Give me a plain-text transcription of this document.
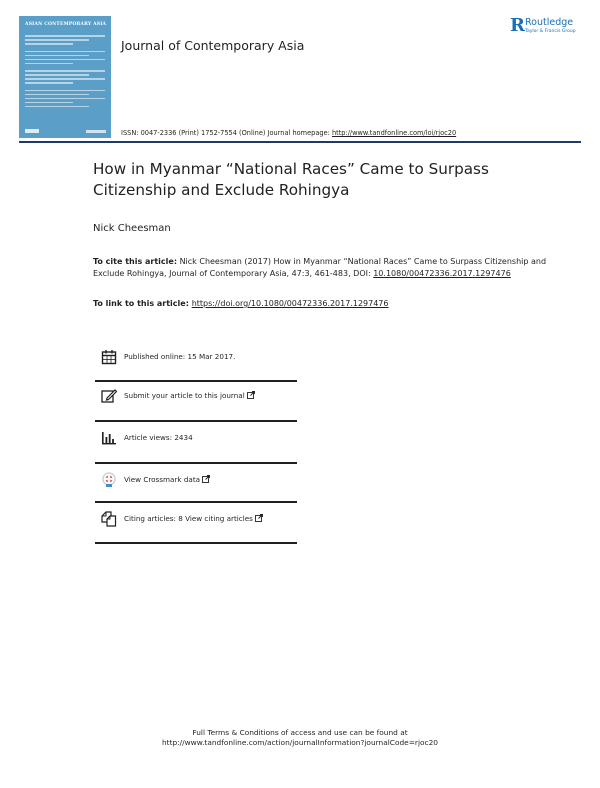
ASIAN CONTEMPORARY ASIA
Journal of Contemporary Asia
R Routledge
Taylor & Francis Group
ISSN: 0047-2336 (Print) 1752-7554 (Online) Journal homepage: http://www.tandfonline.com/loi/rjoc20
How in Myanmar “National Races” Came to Surpass Citizenship and Exclude Rohingya
Nick Cheesman
To cite this article: Nick Cheesman (2017) How in Myanmar “National Races” Came to Surpass Citizenship and Exclude Rohingya, Journal of Contemporary Asia, 47:3, 461-483, DOI: 10.1080/00472336.2017.1297476
To link to this article: https://doi.org/10.1080/00472336.2017.1297476
Published online: 15 Mar 2017.
Submit your article to this journal
Article views: 2434
View Crossmark data
Citing articles: 8 View citing articles
Full Terms & Conditions of access and use can be found at
http://www.tandfonline.com/action/journalInformation?journalCode=rjoc20
